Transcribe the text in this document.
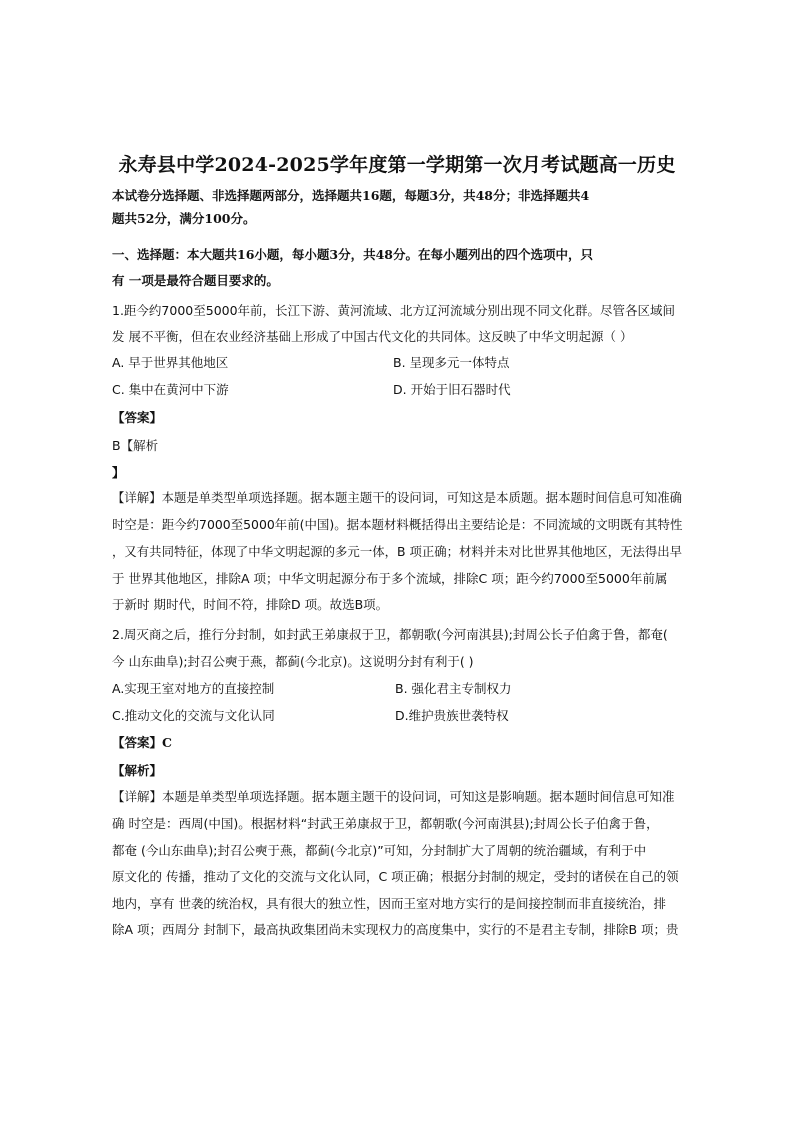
永寿县中学2024-2025学年度第一学期第一次月考试题高一历史
本试卷分选择题、非选择题两部分，选择题共16题，每题3分，共48分；非选择题共4
题共52分，满分100分。
一、选择题：本大题共16小题，每小题3分，共48分。在每小题列出的四个选项中，只
有 一项是最符合题目要求的。
1.距今约7000至5000年前，长江下游、黄河流域、北方辽河流域分别出现不同文化群。尽管各区域间
发 展不平衡，但在农业经济基础上形成了中国古代文化的共同体。这反映了中华文明起源（ ）
A. 早于世界其他地区	B. 呈现多元一体特点
C. 集中在黄河中下游	D. 开始于旧石器时代
【答案】
B【解析
】
【详解】本题是单类型单项选择题。据本题主题干的设问词，可知这是本质题。据本题时间信息可知准确
时空是：距今约7000至5000年前(中国)。据本题材料概括得出主要结论是：不同流域的文明既有其特性
，又有共同特征，体现了中华文明起源的多元一体，B 项正确；材料并未对比世界其他地区，无法得出早
于 世界其他地区，排除A 项；中华文明起源分布于多个流域，排除C 项；距今约7000至5000年前属
于新时 期时代，时间不符，排除D 项。故选B项。
2.周灭商之后，推行分封制，如封武王弟康叔于卫，都朝歌(今河南淇县);封周公长子伯禽于鲁，都奄(
今 山东曲阜);封召公奭于燕，都蓟(今北京)。这说明分封有利于( )
A.实现王室对地方的直接控制	B. 强化君主专制权力
C.推动文化的交流与文化认同	D.维护贵族世袭特权
【答案】C
【解析】
【详解】本题是单类型单项选择题。据本题主题干的设问词，可知这是影响题。据本题时间信息可知准
确 时空是：西周(中国)。根据材料“封武王弟康叔于卫，都朝歌(今河南淇县);封周公长子伯禽于鲁，
都奄 (今山东曲阜);封召公奭于燕，都蓟(今北京)”可知，分封制扩大了周朝的统治疆域，有利于中
原文化的 传播，推动了文化的交流与文化认同，C 项正确；根据分封制的规定，受封的诸侯在自己的领
地内，享有 世袭的统治权，具有很大的独立性，因而王室对地方实行的是间接控制而非直接统治，排
除A 项；西周分 封制下，最高执政集团尚未实现权力的高度集中，实行的不是君主专制，排除B 项；贵
